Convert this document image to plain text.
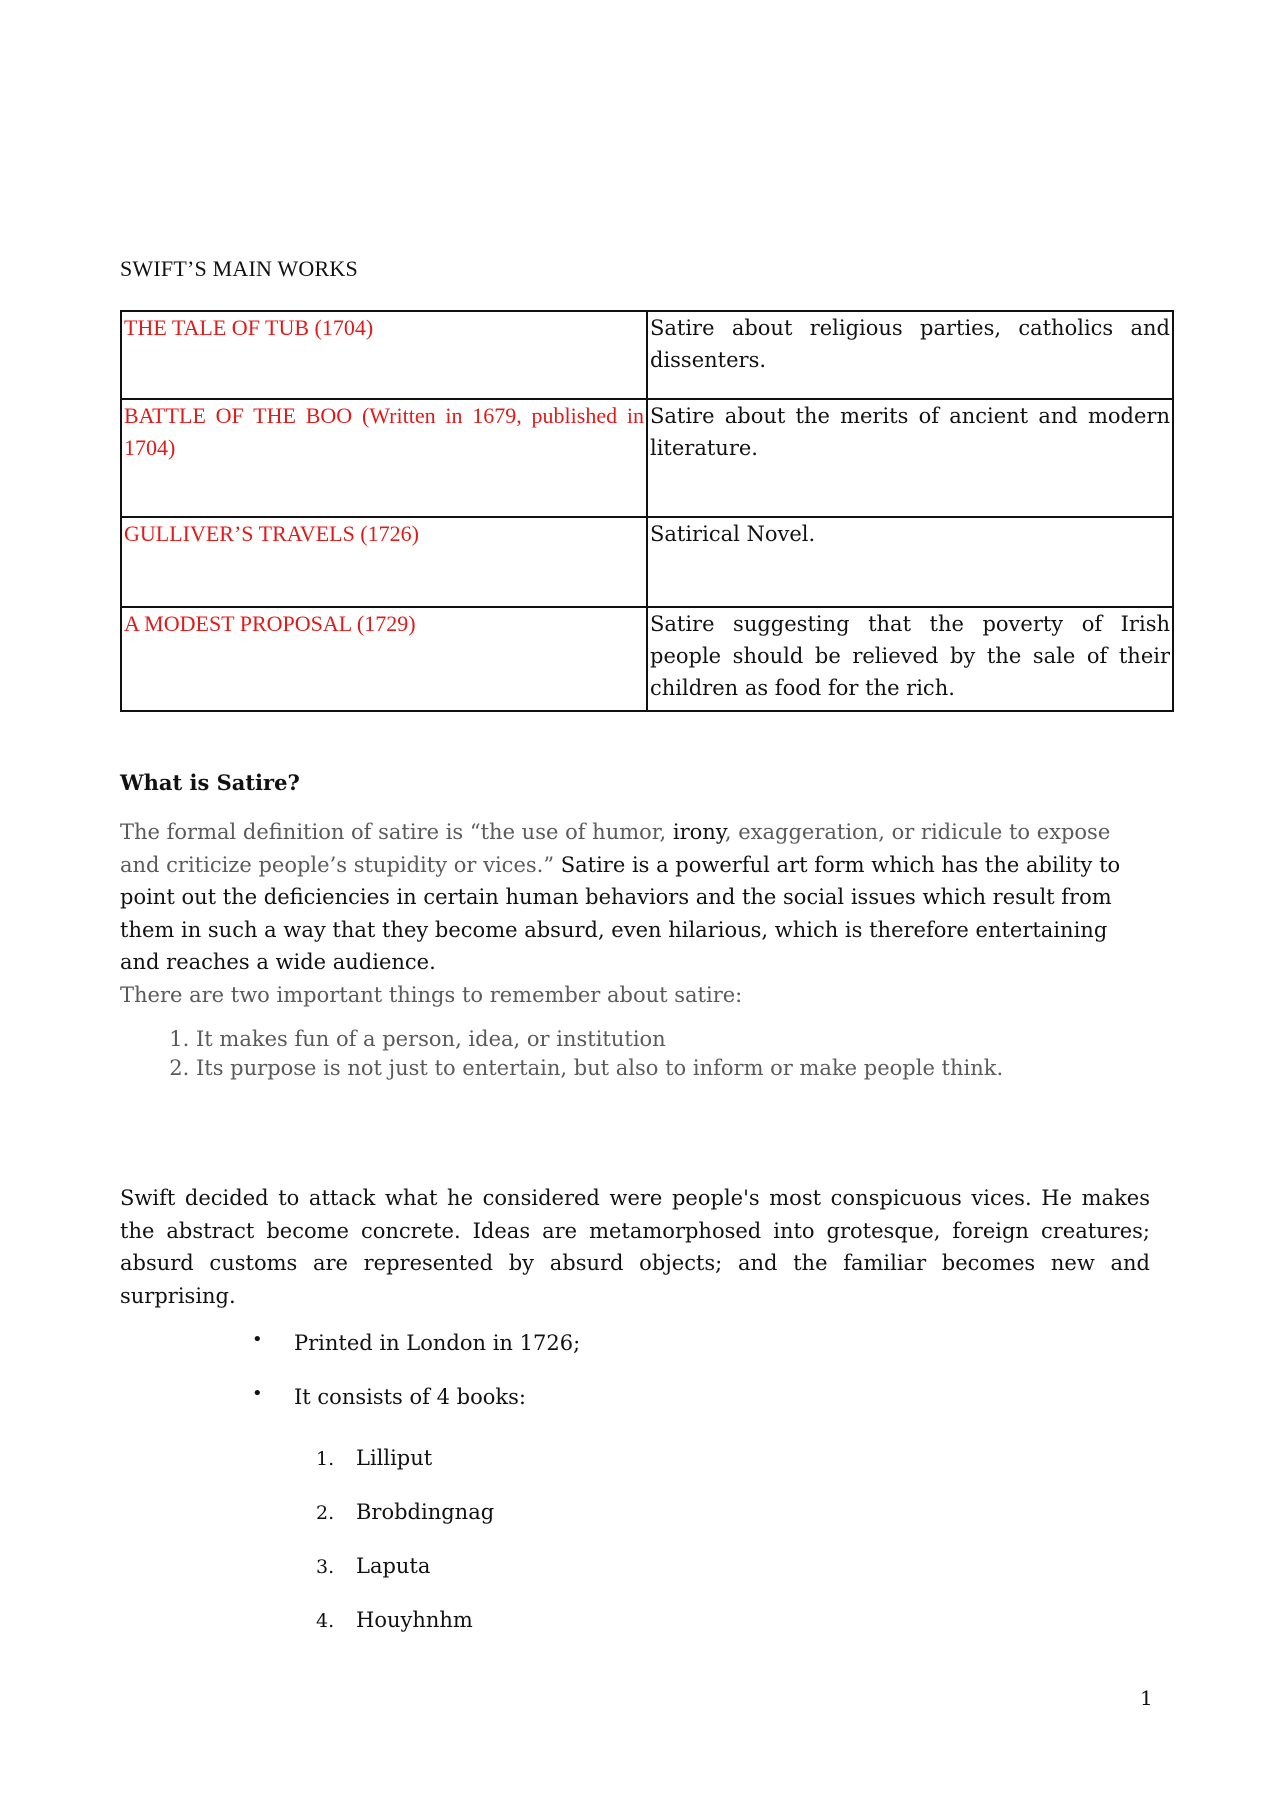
SWIFT’S MAIN WORKS
THE TALE OF TUB (1704)	Satire about religious parties, catholics and dissenters.
BATTLE OF THE BOO (Written in 1679, published in 1704)	Satire about the merits of ancient and modern literature.
GULLIVER’S TRAVELS (1726)	Satirical Novel.
A MODEST PROPOSAL (1729)	Satire suggesting that the poverty of Irish people should be relieved by the sale of their children as food for the rich.
What is Satire?
The formal definition of satire is “the use of humor, irony, exaggeration, or ridicule to expose and criticize people’s stupidity or vices.” Satire is a powerful art form which has the ability to point out the deficiencies in certain human behaviors and the social issues which result from them in such a way that they become absurd, even hilarious, which is therefore entertaining and reaches a wide audience.
There are two important things to remember about satire:
1. It makes fun of a person, idea, or institution
2. Its purpose is not just to entertain, but also to inform or make people think.
Swift decided to attack what he considered were people's most conspicuous vices. He makes the abstract become concrete. Ideas are metamorphosed into grotesque, foreign creatures; absurd customs are represented by absurd objects; and the familiar becomes new and surprising.
• Printed in London in 1726;
• It consists of 4 books:
1. Lilliput
2. Brobdingnag
3. Laputa
4. Houyhnhm
1
